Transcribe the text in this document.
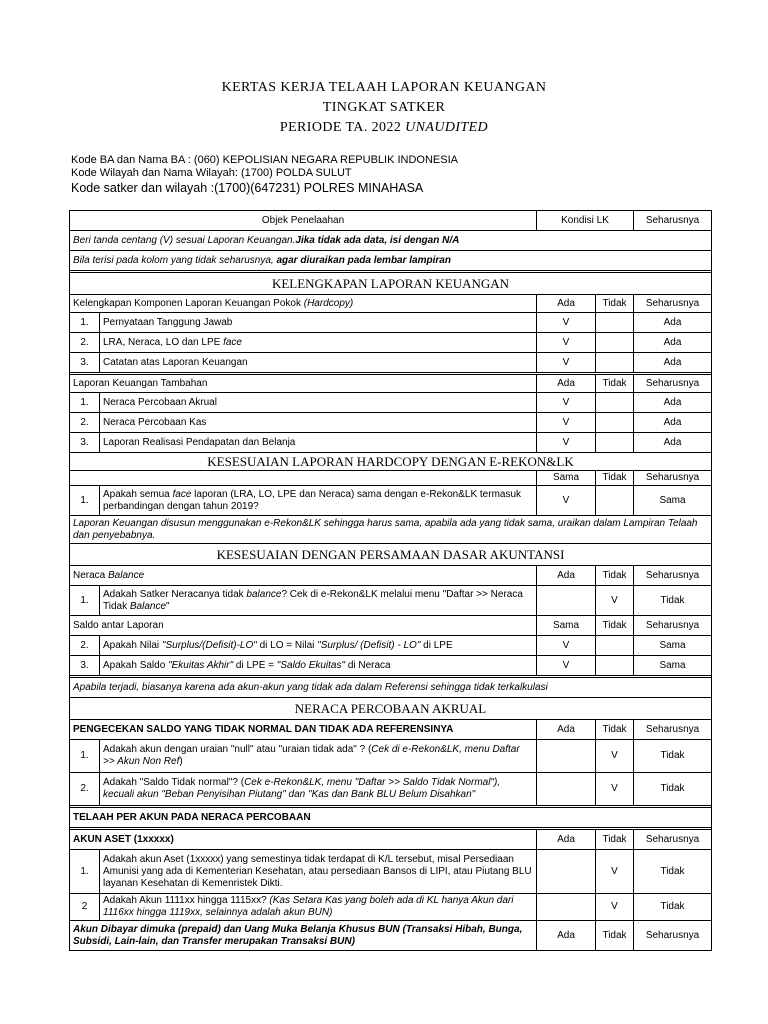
KERTAS KERJA TELAAH LAPORAN KEUANGAN
TINGKAT SATKER
PERIODE TA. 2022 UNAUDITED
Kode BA dan Nama BA : (060) KEPOLISIAN NEGARA REPUBLIK INDONESIA
Kode Wilayah dan Nama Wilayah: (1700) POLDA SULUT
Kode satker dan wilayah :(1700)(647231) POLRES MINAHASA
Objek Penelaahan		Kondisi LK		Seharusnya
Beri tanda centang (V) sesuai Laporan Keuangan.Jika tidak ada data, isi dengan N/A				
Bila terisi pada kolom yang tidak seharusnya, agar diuraikan pada lembar lampiran				

KELENGKAPAN LAPORAN KEUANGAN				
Kelengkapan Komponen Laporan Keuangan Pokok (Hardcopy)		Ada	Tidak	Seharusnya
1.	Pernyataan Tanggung Jawab	V		Ada
2.	LRA, Neraca, LO dan LPE face	V		Ada
3.	Catatan atas Laporan Keuangan	V		Ada

Laporan Keuangan Tambahan		Ada	Tidak	Seharusnya
1.	Neraca Percobaan Akrual	V		Ada
2.	Neraca Percobaan Kas	V		Ada
3.	Laporan Realisasi Pendapatan dan Belanja	V		Ada
KESESUAIAN LAPORAN HARDCOPY DENGAN E-REKON&LK				
		Sama	Tidak	Seharusnya
1.	Apakah semua face laporan (LRA, LO, LPE dan Neraca) sama dengan e-Rekon&LK termasuk perbandingan dengan tahun 2019?	V		Sama
Laporan Keuangan disusun menggunakan e-Rekon&LK sehingga harus sama, apabila ada yang tidak sama, uraikan dalam Lampiran Telaah dan penyebabnya.				
KESESUAIAN DENGAN PERSAMAAN DASAR AKUNTANSI				
Neraca Balance		Ada	Tidak	Seharusnya
1.	Adakah Satker Neracanya tidak balance? Cek di e-Rekon&LK melalui menu "Daftar >> Neraca Tidak Balance"		V	Tidak
Saldo antar Laporan		Sama	Tidak	Seharusnya
2.	Apakah Nilai "Surplus/(Defisit)-LO" di LO = Nilai "Surplus/ (Defisit) - LO" di LPE	V		Sama
3.	Apakah Saldo "Ekuitas Akhir" di LPE = "Saldo Ekuitas" di Neraca	V		Sama

Apabila terjadi, biasanya karena ada akun-akun yang tidak ada dalam Referensi sehingga tidak terkalkulasi				
NERACA PERCOBAAN AKRUAL				
PENGECEKAN SALDO YANG TIDAK NORMAL DAN TIDAK ADA REFERENSINYA		Ada	Tidak	Seharusnya
1.	Adakah akun dengan uraian "null" atau "uraian tidak ada" ? (Cek di e-Rekon&LK, menu Daftar >> Akun Non Ref)		V	Tidak
2.	Adakah "Saldo Tidak normal"? (Cek e-Rekon&LK, menu "Daftar >> Saldo Tidak Normal"), kecuali akun "Beban Penyisihan Piutang" dan "Kas dan Bank BLU Belum Disahkan"		V	Tidak

TELAAH PER AKUN PADA NERACA PERCOBAAN				

AKUN ASET (1xxxxx)		Ada	Tidak	Seharusnya
1.	Adakah akun Aset (1xxxxx) yang semestinya tidak terdapat di K/L tersebut, misal Persediaan Amunisi yang ada di Kementerian Kesehatan, atau persediaan Bansos di LIPI, atau Piutang BLU layanan Kesehatan di Kemenristek Dikti.		V	Tidak
2	Adakah Akun 1111xx hingga 1115xx? (Kas Setara Kas yang boleh ada di KL hanya Akun dari 1116xx hingga 1119xx, selainnya adalah akun BUN)		V	Tidak
Akun Dibayar dimuka (prepaid) dan Uang Muka Belanja Khusus BUN (Transaksi Hibah, Bunga, Subsidi, Lain-lain, dan Transfer merupakan Transaksi BUN)		Ada	Tidak	Seharusnya
